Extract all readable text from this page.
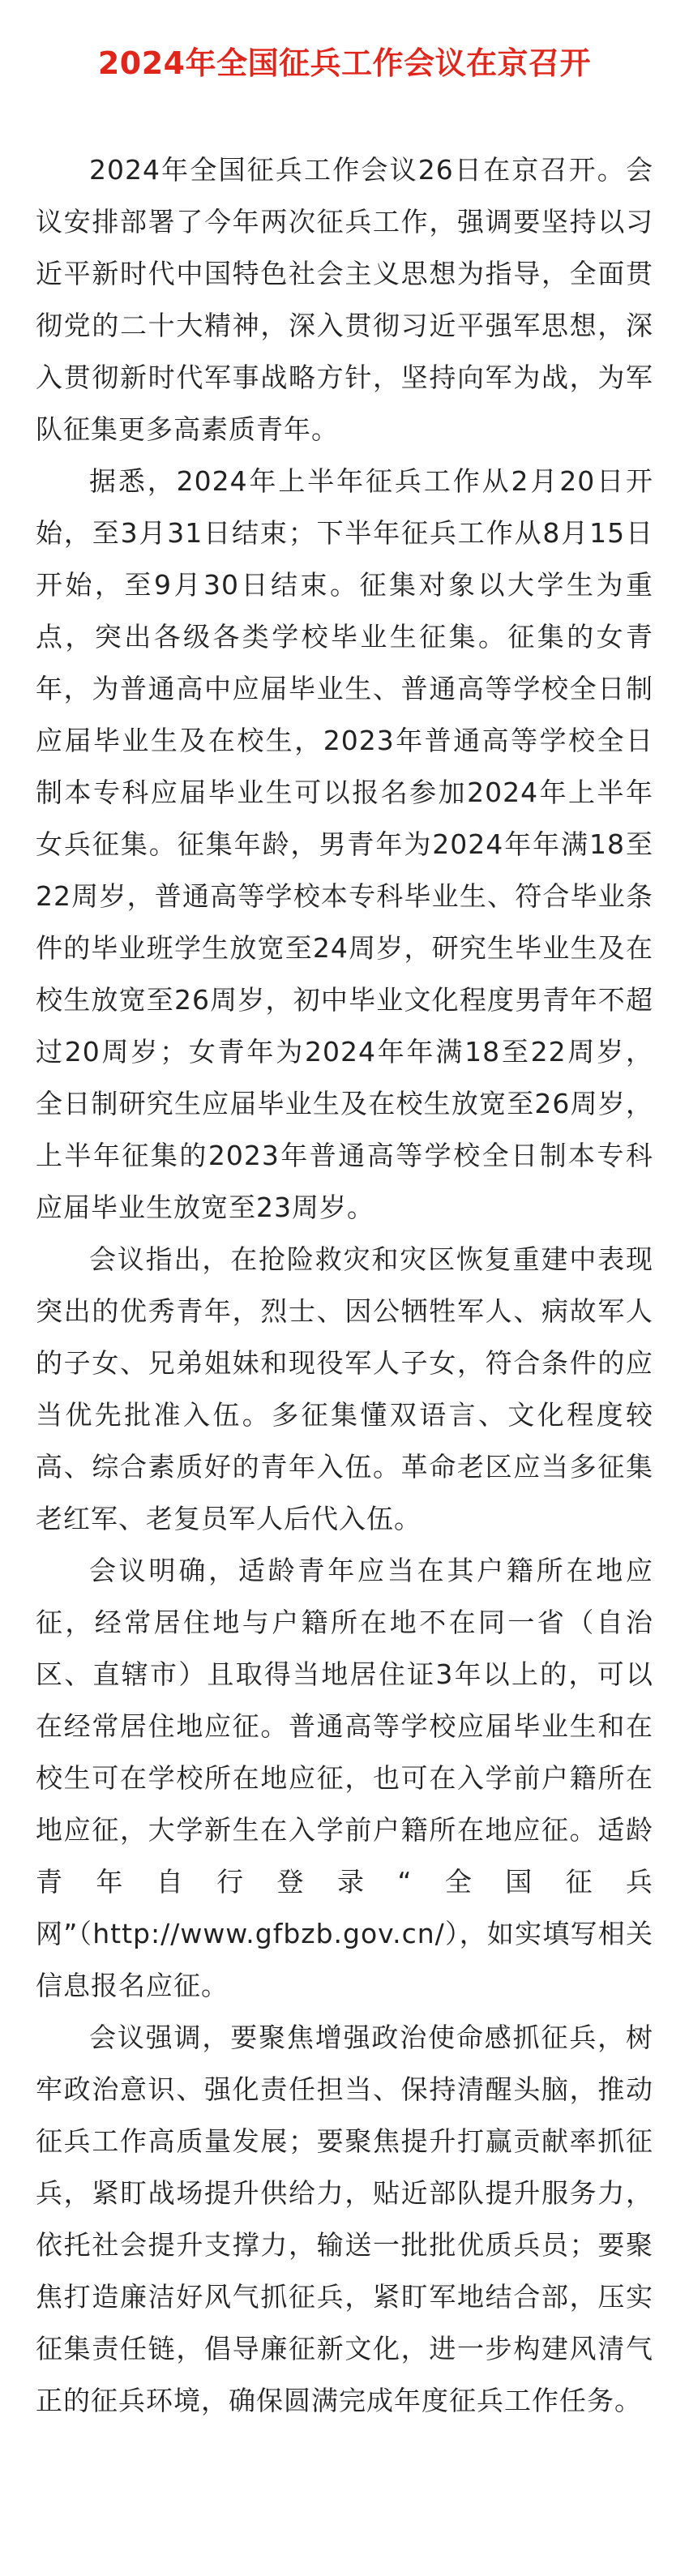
2024年全国征兵工作会议在京召开

2024年全国征兵工作会议26日在京召开。会议安排部署了今年两次征兵工作，强调要坚持以习近平新时代中国特色社会主义思想为指导，全面贯彻党的二十大精神，深入贯彻习近平强军思想，深入贯彻新时代军事战略方针，坚持向军为战，为军队征集更多高素质青年。

据悉，2024年上半年征兵工作从2月20日开始，至3月31日结束；下半年征兵工作从8月15日开始，至9月30日结束。征集对象以大学生为重点，突出各级各类学校毕业生征集。征集的女青年，为普通高中应届毕业生、普通高等学校全日制应届毕业生及在校生，2023年普通高等学校全日制本专科应届毕业生可以报名参加2024年上半年女兵征集。征集年龄，男青年为2024年年满18至22周岁，普通高等学校本专科毕业生、符合毕业条件的毕业班学生放宽至24周岁，研究生毕业生及在校生放宽至26周岁，初中毕业文化程度男青年不超过20周岁；女青年为2024年年满18至22周岁，全日制研究生应届毕业生及在校生放宽至26周岁，上半年征集的2023年普通高等学校全日制本专科应届毕业生放宽至23周岁。

会议指出，在抢险救灾和灾区恢复重建中表现突出的优秀青年，烈士、因公牺牲军人、病故军人的子女、兄弟姐妹和现役军人子女，符合条件的应当优先批准入伍。多征集懂双语言、文化程度较高、综合素质好的青年入伍。革命老区应当多征集老红军、老复员军人后代入伍。

会议明确，适龄青年应当在其户籍所在地应征，经常居住地与户籍所在地不在同一省（自治区、直辖市）且取得当地居住证3年以上的，可以在经常居住地应征。普通高等学校应届毕业生和在校生可在学校所在地应征，也可在入学前户籍所在地应征，大学新生在入学前户籍所在地应征。适龄青年自行登录“全国征兵网”（http://www.gfbzb.gov.cn/），如实填写相关信息报名应征。

会议强调，要聚焦增强政治使命感抓征兵，树牢政治意识、强化责任担当、保持清醒头脑，推动征兵工作高质量发展；要聚焦提升打赢贡献率抓征兵，紧盯战场提升供给力，贴近部队提升服务力，依托社会提升支撑力，输送一批批优质兵员；要聚焦打造廉洁好风气抓征兵，紧盯军地结合部，压实征集责任链，倡导廉征新文化，进一步构建风清气正的征兵环境，确保圆满完成年度征兵工作任务。
